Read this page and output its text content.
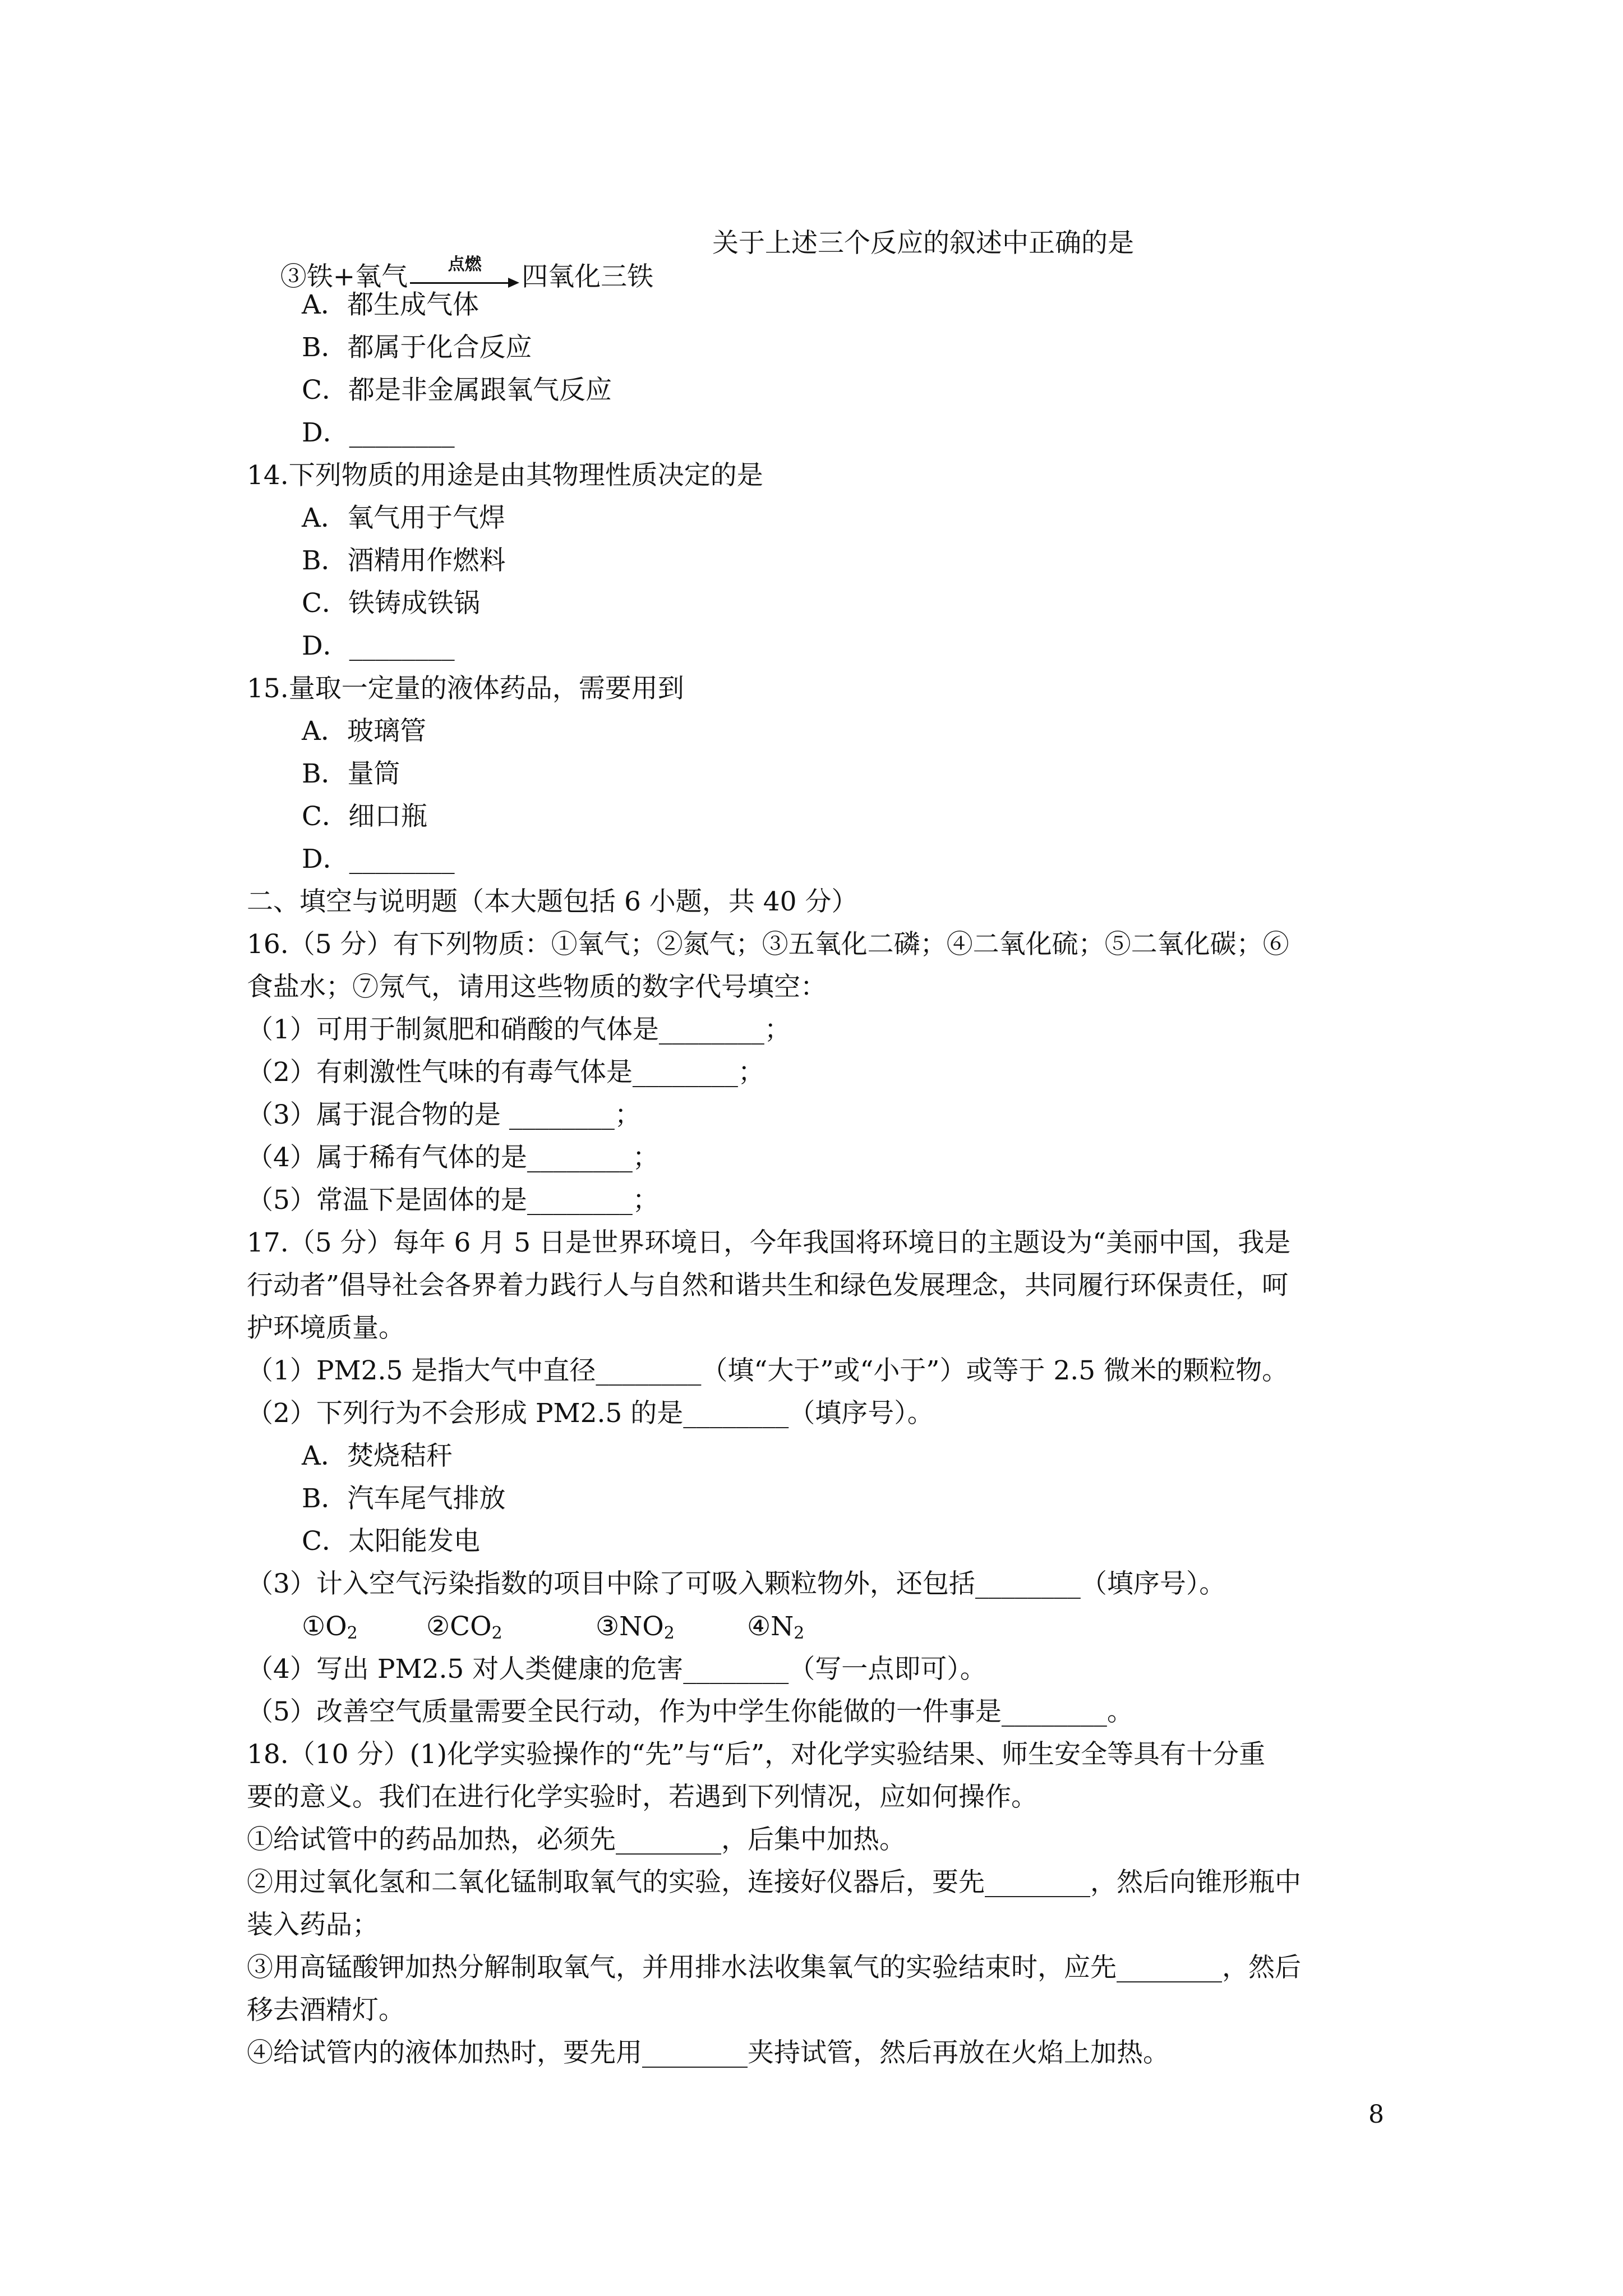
③铁+氧气	点燃	四氧化三铁

关于上述三个反应的叙述中正确的是
A．都生成气体
B．都属于化合反应
C．都是非金属跟氧气反应
D．________
14.下列物质的用途是由其物理性质决定的是
A．氧气用于气焊
B．酒精用作燃料
C．铁铸成铁锅
D．________
15.量取一定量的液体药品，需要用到
A．玻璃管
B．量筒
C．细口瓶
D．________
二、填空与说明题（本大题包括 6 小题，共 40 分）
16.（5 分）有下列物质：①氧气；②氮气；③五氧化二磷；④二氧化硫；⑤二氧化碳；⑥
食盐水；⑦氖气，请用这些物质的数字代号填空：
（1）可用于制氮肥和硝酸的气体是________；
（2）有刺激性气味的有毒气体是________；
（3）属于混合物的是 ________；
（4）属于稀有气体的是________；
（5）常温下是固体的是________；
17.（5 分）每年 6 月 5 日是世界环境日，今年我国将环境日的主题设为“美丽中国，我是
行动者”倡导社会各界着力践行人与自然和谐共生和绿色发展理念，共同履行环保责任，呵
护环境质量。
（1）PM2.5 是指大气中直径________（填“大于”或“小于”）或等于 2.5 微米的颗粒物。
（2）下列行为不会形成 PM2.5 的是________（填序号）。
A．焚烧秸秆
B．汽车尾气排放
C．太阳能发电
（3）计入空气污染指数的项目中除了可吸入颗粒物外，还包括________（填序号）。
$①O_2$	$②CO_2$	$③NO_2$	$④N_2$
（4）写出 PM2.5 对人类健康的危害________（写一点即可）。
（5）改善空气质量需要全民行动，作为中学生你能做的一件事是________。
18.（10 分）(1)化学实验操作的“先”与“后”，对化学实验结果、师生安全等具有十分重
要的意义。我们在进行化学实验时，若遇到下列情况，应如何操作。
①给试管中的药品加热，必须先________，后集中加热。
②用过氧化氢和二氧化锰制取氧气的实验，连接好仪器后，要先________，然后向锥形瓶中
装入药品；
③用高锰酸钾加热分解制取氧气，并用排水法收集氧气的实验结束时，应先________，然后
移去酒精灯。
④给试管内的液体加热时，要先用________夹持试管，然后再放在火焰上加热。
8
